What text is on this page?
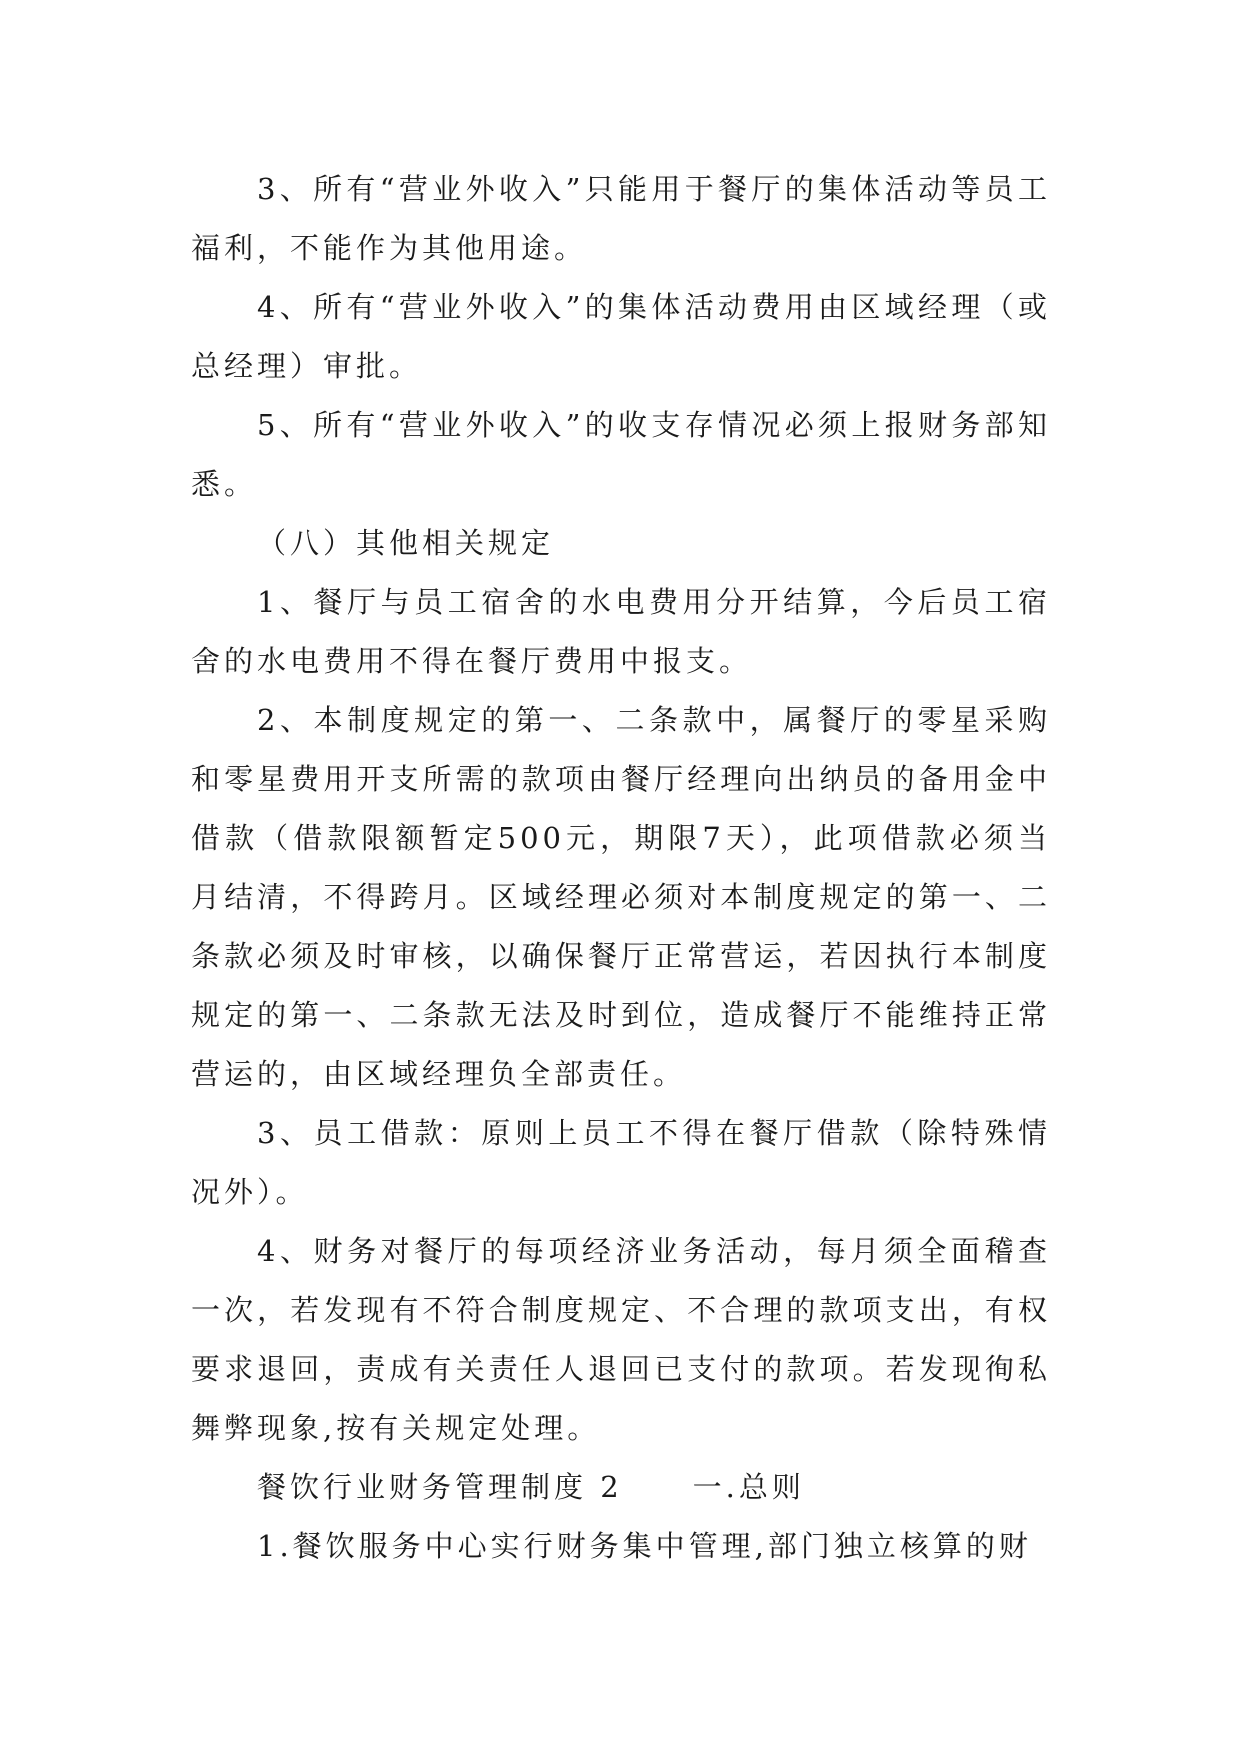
3、所有“营业外收入”只能用于餐厅的集体活动等员工福利，不能作为其他用途。

4、所有“营业外收入”的集体活动费用由区域经理（或总经理）审批。

5、所有“营业外收入”的收支存情况必须上报财务部知悉。

（八）其他相关规定

1、餐厅与员工宿舍的水电费用分开结算，今后员工宿舍的水电费用不得在餐厅费用中报支。

2、本制度规定的第一、二条款中，属餐厅的零星采购和零星费用开支所需的款项由餐厅经理向出纳员的备用金中借款（借款限额暂定500元，期限7天），此项借款必须当月结清，不得跨月。区域经理必须对本制度规定的第一、二条款必须及时审核，以确保餐厅正常营运，若因执行本制度规定的第一、二条款无法及时到位，造成餐厅不能维持正常营运的，由区域经理负全部责任。

3、员工借款：原则上员工不得在餐厅借款（除特殊情况外）。

4、财务对餐厅的每项经济业务活动，每月须全面稽查一次，若发现有不符合制度规定、不合理的款项支出，有权要求退回，责成有关责任人退回已支付的款项。若发现徇私舞弊现象,按有关规定处理。

餐饮行业财务管理制度 2 一.总则

1.餐饮服务中心实行财务集中管理,部门独立核算的财
